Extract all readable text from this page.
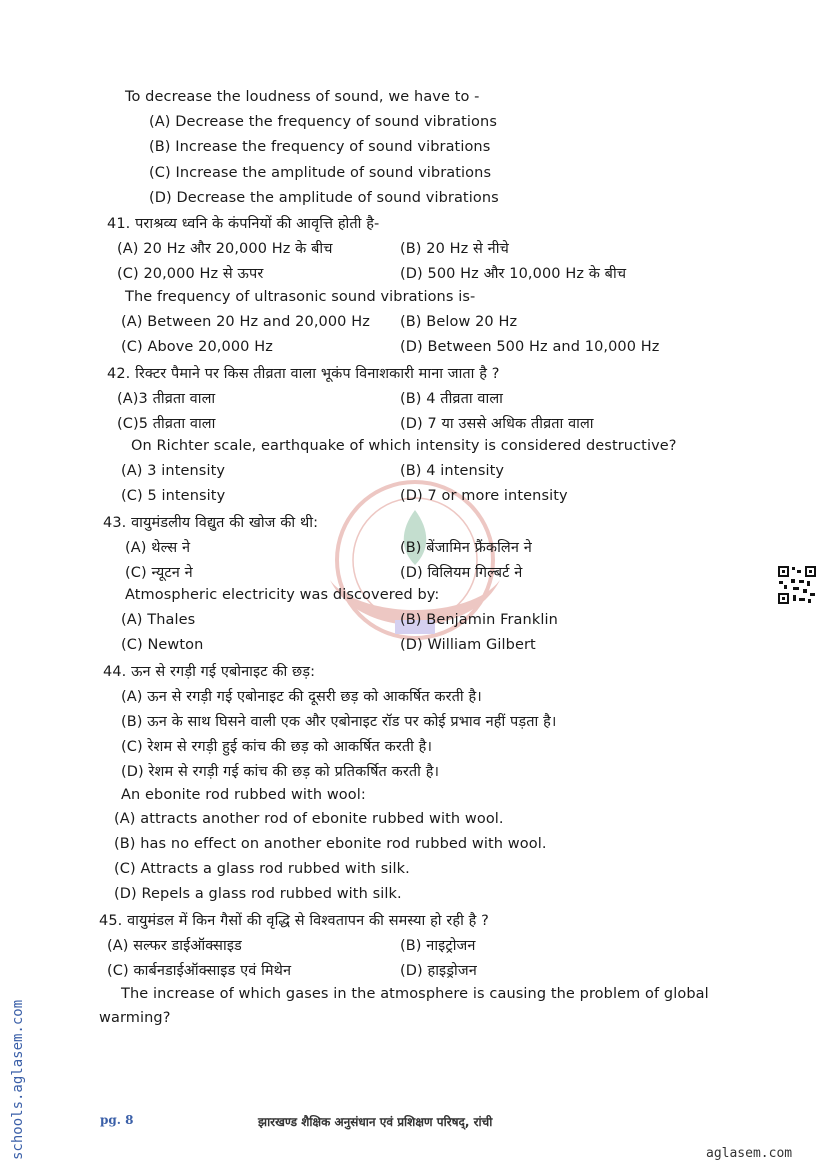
To decrease the loudness of sound, we have to -
(A) Decrease the frequency of sound vibrations
(B) Increase the frequency of sound vibrations
(C) Increase the amplitude of sound vibrations
(D) Decrease the amplitude of sound vibrations
41. पराश्रव्य ध्वनि के कंपनियों की आवृत्ति होती है-
(A) 20 Hz और 20,000 Hz के बीच	(B) 20 Hz से नीचे
(C) 20,000 Hz से ऊपर	(D) 500 Hz और 10,000 Hz के बीच
The frequency of ultrasonic sound vibrations is-
(A) Between 20 Hz and 20,000 Hz (B) Below 20 Hz
(C) Above 20,000 Hz	(D) Between 500 Hz and 10,000 Hz
42. रिक्टर पैमाने पर किस तीव्रता वाला भूकंप विनाशकारी माना जाता है ?
(A)3 तीव्रता वाला	(B) 4 तीव्रता वाला
(C)5 तीव्रता वाला	(D) 7 या उससे अधिक तीव्रता वाला
On Richter scale, earthquake of which intensity is considered destructive?
(A) 3 intensity	(B) 4 intensity
(C) 5 intensity	(D) 7 or more intensity
43. वायुमंडलीय विद्युत की खोज की थी:
(A) थेल्स ने	(B) बेंजामिन फ्रैंकलिन ने
(C) न्यूटन ने	(D) विलियम गिल्बर्ट ने
Atmospheric electricity was discovered by:
(A) Thales	(B) Benjamin Franklin
(C) Newton	(D) William Gilbert
44. ऊन से रगड़ी गई एबोनाइट की छड़:
(A) ऊन से रगड़ी गई एबोनाइट की दूसरी छड़ को आकर्षित करती है।
(B) ऊन के साथ घिसने वाली एक और एबोनाइट रॉड पर कोई प्रभाव नहीं पड़ता है।
(C) रेशम से रगड़ी हुई कांच की छड़ को आकर्षित करती है।
(D) रेशम से रगड़ी गई कांच की छड़ को प्रतिकर्षित करती है।
An ebonite rod rubbed with wool:
(A) attracts another rod of ebonite rubbed with wool.
(B) has no effect on another ebonite rod rubbed with wool.
(C) Attracts a glass rod rubbed with silk.
(D) Repels a glass rod rubbed with silk.
45. वायुमंडल में किन गैसों की वृद्धि से विश्वतापन की समस्या हो रही है ?
(A) सल्फर डाईऑक्साइड	(B) नाइट्रोजन
(C) कार्बनडाईऑक्साइड एवं मिथेन	(D) हाइड्रोजन
The increase of which gases in the atmosphere is causing the problem of global
warming?
schools.aglasem.com	pg. 8	झारखण्ड शैक्षिक अनुसंधान एवं प्रशिक्षण परिषद्, रांची
aglasem.com
